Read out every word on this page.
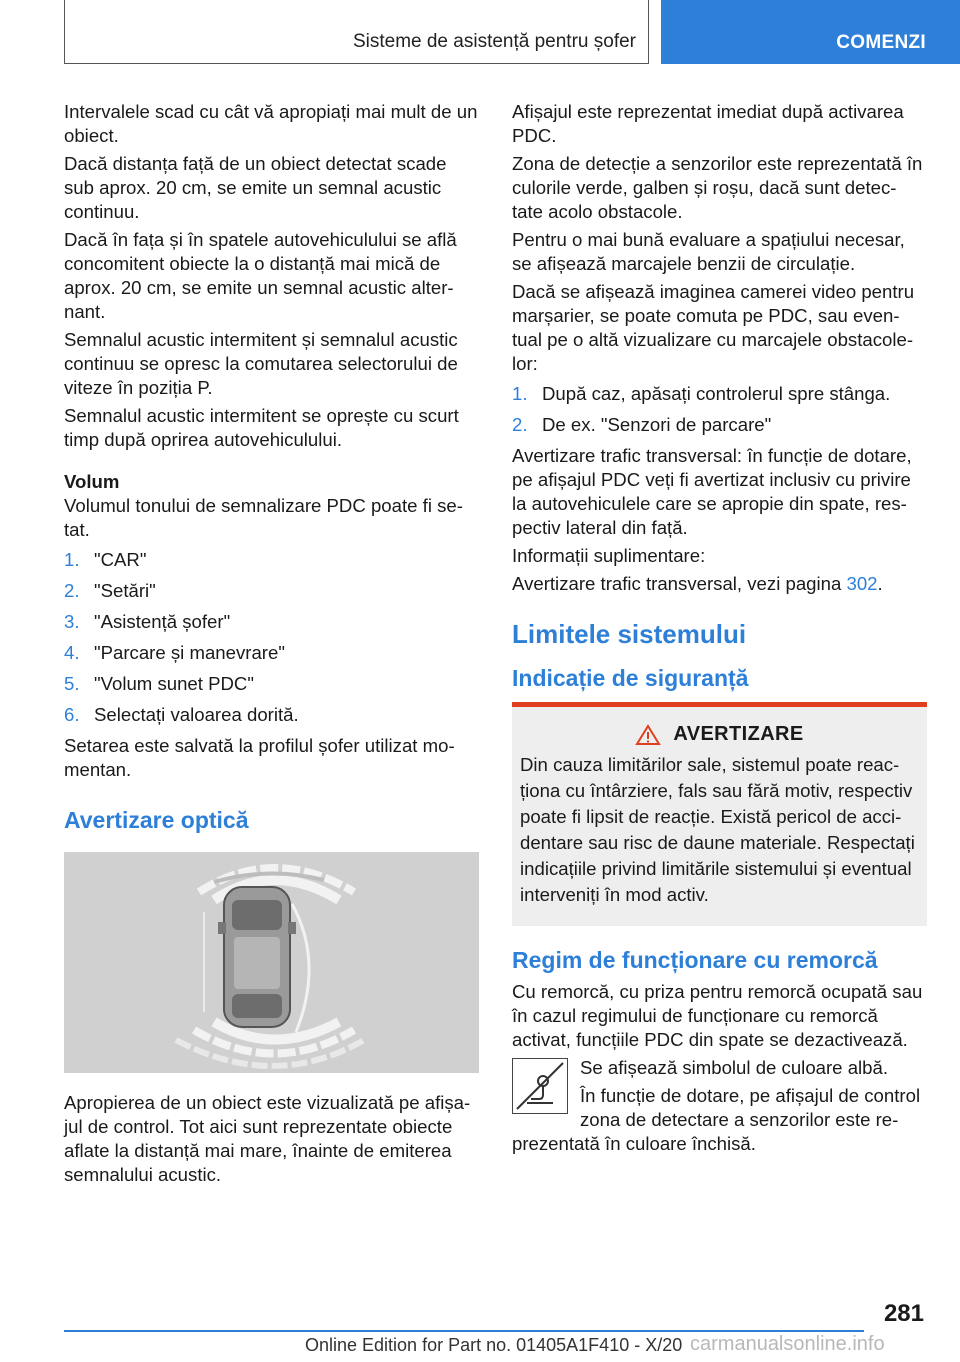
Sisteme de asistență pentru șofer	COMENZI

Intervalele scad cu cât vă apropiați mai mult de un obiect.

Dacă distanța față de un obiect detectat scade sub aprox. 20 cm, se emite un semnal acustic continuu.

Dacă în fața și în spatele autovehiculului se află concomitent obiecte la o distanță mai mică de aprox. 20 cm, se emite un semnal acustic alter‐nant.

Semnalul acustic intermitent și semnalul acustic continuu se opresc la comutarea selectorului de viteze în poziția P.

Semnalul acustic intermitent se oprește cu scurt timp după oprirea autovehiculului.

Volum

Volumul tonului de semnalizare PDC poate fi se‐tat.

1. "CAR"
2. "Setări"
3. "Asistență șofer"
4. "Parcare și manevrare"
5. "Volum sunet PDC"
6. Selectați valoarea dorită.

Setarea este salvată la profilul șofer utilizat mo‐mentan.

Avertizare optică

Apropierea de un obiect este vizualizată pe afișa‐jul de control. Tot aici sunt reprezentate obiecte aflate la distanță mai mare, înainte de emiterea semnalului acustic.

Afișajul este reprezentat imediat după activarea PDC.

Zona de detecție a senzorilor este reprezentată în culorile verde, galben și roșu, dacă sunt detec‐tate acolo obstacole.

Pentru o mai bună evaluare a spațiului necesar, se afișează marcajele benzii de circulație.

Dacă se afișează imaginea camerei video pentru marșarier, se poate comuta pe PDC, sau even‐tual pe o altă vizualizare cu marcajele obstacole‐lor:

1. După caz, apăsați controlerul spre stânga.
2. De ex. "Senzori de parcare"

Avertizare trafic transversal: în funcție de dotare, pe afișajul PDC veți fi avertizat inclusiv cu privire la autovehiculele care se apropie din spate, res‐pectiv lateral din față.

Informații suplimentare:

Avertizare trafic transversal, vezi pagina 302.

Limitele sistemului
Indicație de siguranță
AVERTIZARE

Din cauza limitărilor sale, sistemul poate reac‐ționa cu întârziere, fals sau fără motiv, respectiv poate fi lipsit de reacție. Există pericol de acci‐dentare sau risc de daune materiale. Respectați indicațiile privind limitările sistemului și eventual interveniți în mod activ.

Regim de funcționare cu remorcă

Cu remorcă, cu priza pentru remorcă ocupată sau în cazul regimului de funcționare cu remorcă activat, funcțiile PDC din spate se dezactivează.

Se afișează simbolul de culoare albă.

În funcție de dotare, pe afișajul de control zona de detectare a senzorilor este re‐prezentată în culoare închisă.

281
Online Edition for Part no. 01405A1F410 - X/20 carmanualsonline.info
